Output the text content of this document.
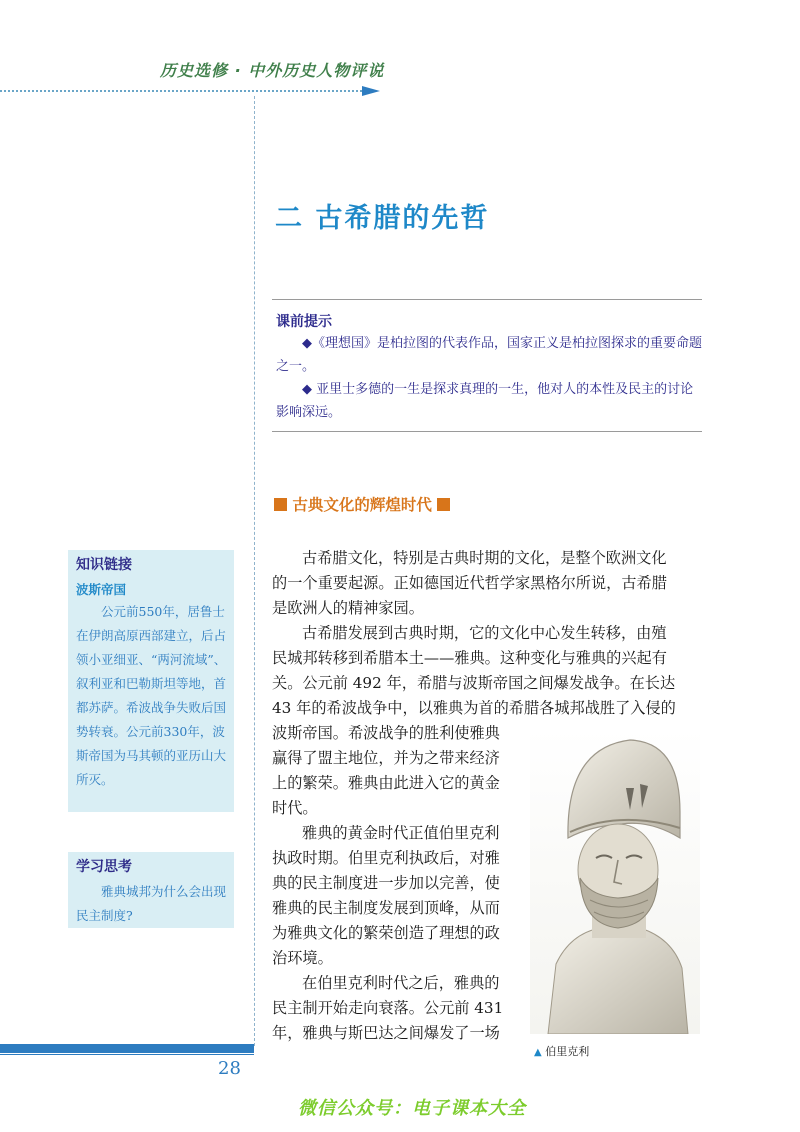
历史选修 · 中外历史人物评说
二 古希腊的先哲
课前提示
◆《理想国》是柏拉图的代表作品，国家正义是柏拉图探求的重要命题之一。
◆ 亚里士多德的一生是探求真理的一生，他对人的本性及民主的讨论影响深远。
古典文化的辉煌时代
古希腊文化，特别是古典时期的文化，是整个欧洲文化
的一个重要起源。正如德国近代哲学家黑格尔所说，古希腊
是欧洲人的精神家园。
古希腊发展到古典时期，它的文化中心发生转移，由殖
民城邦转移到希腊本土——雅典。这种变化与雅典的兴起有
关。公元前 492 年，希腊与波斯帝国之间爆发战争。在长达
43 年的希波战争中，以雅典为首的希腊各城邦战胜了入侵的
波斯帝国。希波战争的胜利使雅典
赢得了盟主地位，并为之带来经济
上的繁荣。雅典由此进入它的黄金
时代。
雅典的黄金时代正值伯里克利
执政时期。伯里克利执政后，对雅
典的民主制度进一步加以完善，使
雅典的民主制度发展到顶峰，从而
为雅典文化的繁荣创造了理想的政
治环境。
在伯里克利时代之后，雅典的
民主制开始走向衰落。公元前 431
年，雅典与斯巴达之间爆发了一场
知识链接
波斯帝国
公元前550年，居鲁士在伊朗高原西部建立，后占领小亚细亚、“两河流域”、叙利亚和巴勒斯坦等地，首都苏萨。希波战争失败后国势转衰。公元前330年，波斯帝国为马其顿的亚历山大所灭。
学习思考
雅典城邦为什么会出现民主制度?
▲ 伯里克利
28
微信公众号：电子课本大全
